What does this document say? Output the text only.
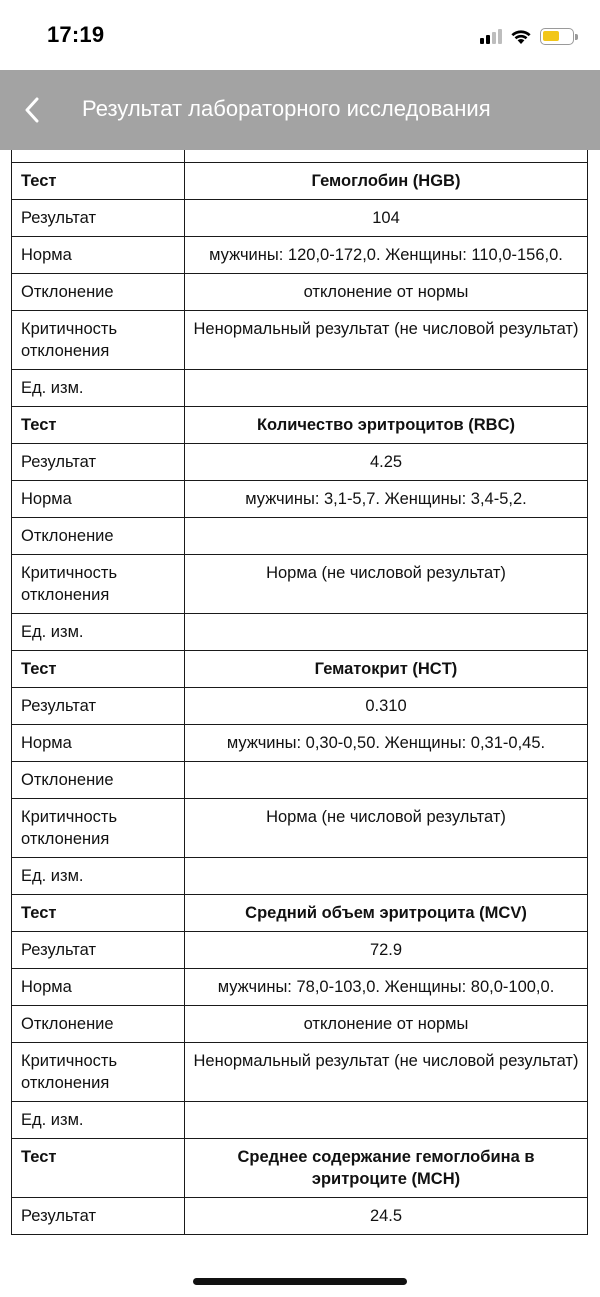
17:19
Результат лабораторного исследования

Тест	Гемоглобин (HGB)
Результат	104
Норма	мужчины: 120,0-172,0. Женщины: 110,0-156,0.
Отклонение	отклонение от нормы
Критичность отклонения	Ненормальный результат (не числовой результат)
Ед. изм.	
Тест	Количество эритроцитов (RBC)
Результат	4.25
Норма	мужчины: 3,1-5,7. Женщины: 3,4-5,2.
Отклонение	
Критичность отклонения	Норма (не числовой результат)
Ед. изм.	
Тест	Гематокрит (HCT)
Результат	0.310
Норма	мужчины: 0,30-0,50. Женщины: 0,31-0,45.
Отклонение	
Критичность отклонения	Норма (не числовой результат)
Ед. изм.	
Тест	Средний объем эритроцита (MCV)
Результат	72.9
Норма	мужчины: 78,0-103,0. Женщины: 80,0-100,0.
Отклонение	отклонение от нормы
Критичность отклонения	Ненормальный результат (не числовой результат)
Ед. изм.	
Тест	Среднее содержание гемоглобина в эритроците (MCH)
Результат	24.5
